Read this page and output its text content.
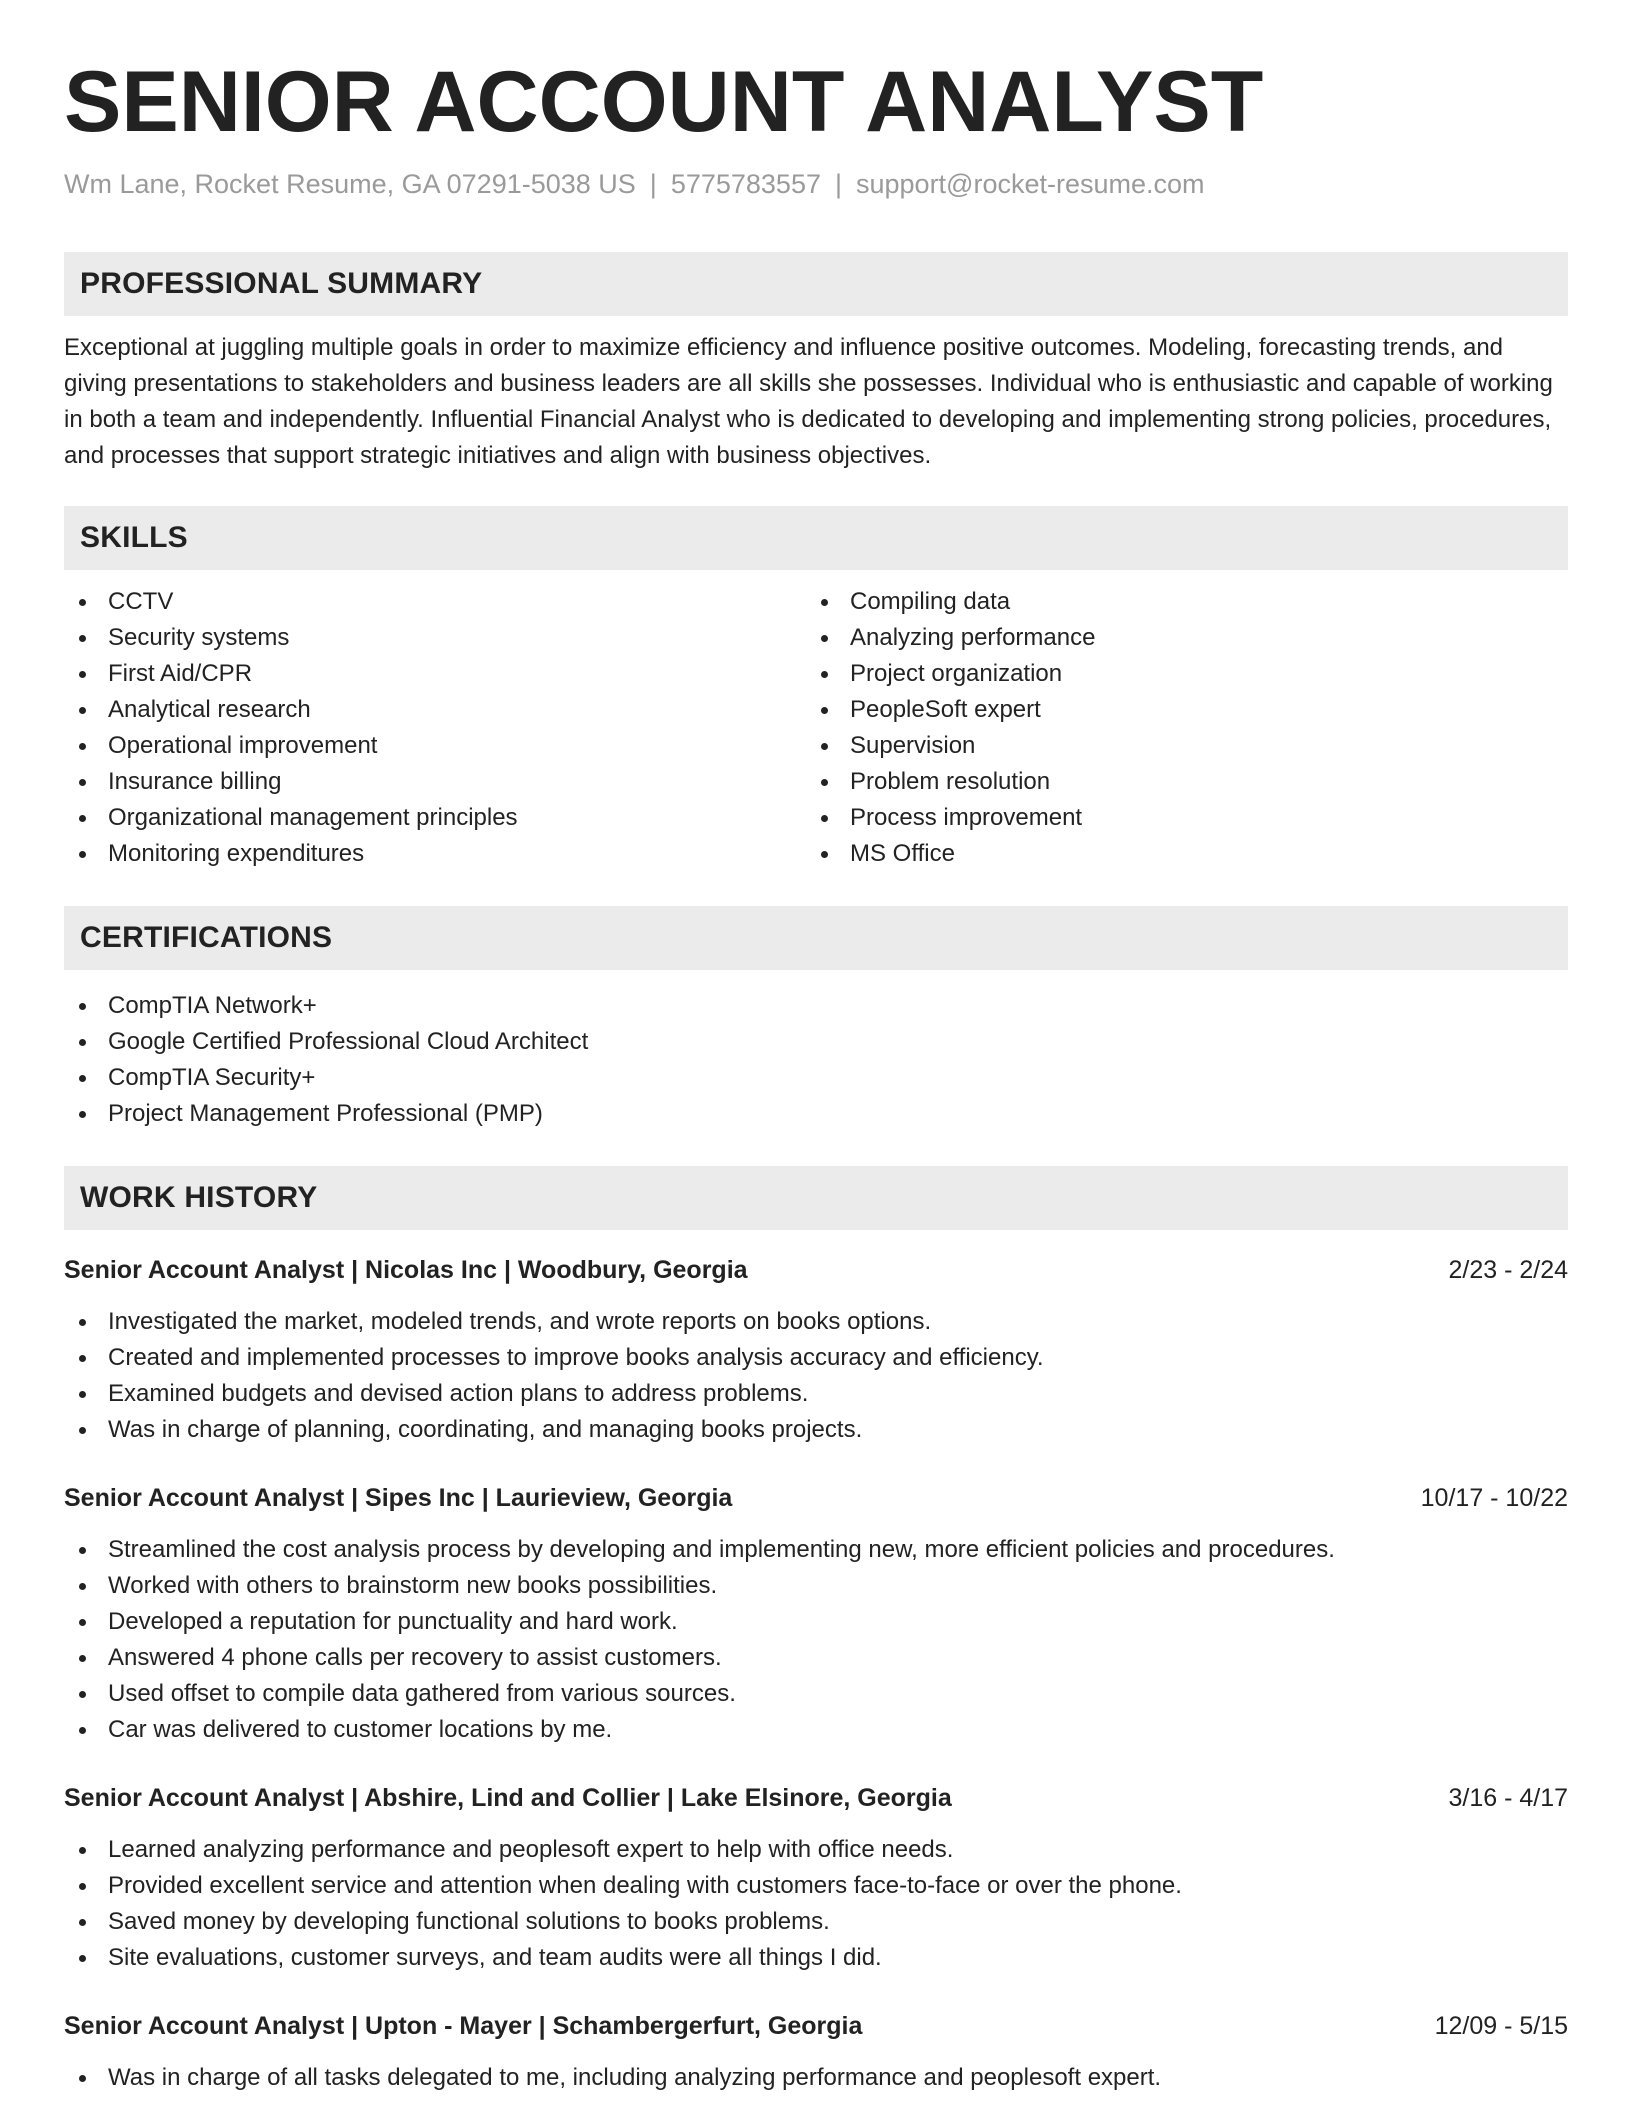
SENIOR ACCOUNT ANALYST
Wm Lane, Rocket Resume, GA 07291-5038 US | 5775783557 | support@rocket-resume.com
PROFESSIONAL SUMMARY
Exceptional at juggling multiple goals in order to maximize efficiency and influence positive outcomes. Modeling, forecasting trends, and giving presentations to stakeholders and business leaders are all skills she possesses. Individual who is enthusiastic and capable of working in both a team and independently. Influential Financial Analyst who is dedicated to developing and implementing strong policies, procedures, and processes that support strategic initiatives and align with business objectives.
SKILLS
CCTV
Security systems
First Aid/CPR
Analytical research
Operational improvement
Insurance billing
Organizational management principles
Monitoring expenditures
Compiling data
Analyzing performance
Project organization
PeopleSoft expert
Supervision
Problem resolution
Process improvement
MS Office
CERTIFICATIONS
CompTIA Network+
Google Certified Professional Cloud Architect
CompTIA Security+
Project Management Professional (PMP)
WORK HISTORY
Senior Account Analyst | Nicolas Inc | Woodbury, Georgia	2/23 - 2/24
Investigated the market, modeled trends, and wrote reports on books options.
Created and implemented processes to improve books analysis accuracy and efficiency.
Examined budgets and devised action plans to address problems.
Was in charge of planning, coordinating, and managing books projects.
Senior Account Analyst | Sipes Inc | Laurieview, Georgia	10/17 - 10/22
Streamlined the cost analysis process by developing and implementing new, more efficient policies and procedures.
Worked with others to brainstorm new books possibilities.
Developed a reputation for punctuality and hard work.
Answered 4 phone calls per recovery to assist customers.
Used offset to compile data gathered from various sources.
Car was delivered to customer locations by me.
Senior Account Analyst | Abshire, Lind and Collier | Lake Elsinore, Georgia	3/16 - 4/17
Learned analyzing performance and peoplesoft expert to help with office needs.
Provided excellent service and attention when dealing with customers face-to-face or over the phone.
Saved money by developing functional solutions to books problems.
Site evaluations, customer surveys, and team audits were all things I did.
Senior Account Analyst | Upton - Mayer | Schambergerfurt, Georgia	12/09 - 5/15
Was in charge of all tasks delegated to me, including analyzing performance and peoplesoft expert.
